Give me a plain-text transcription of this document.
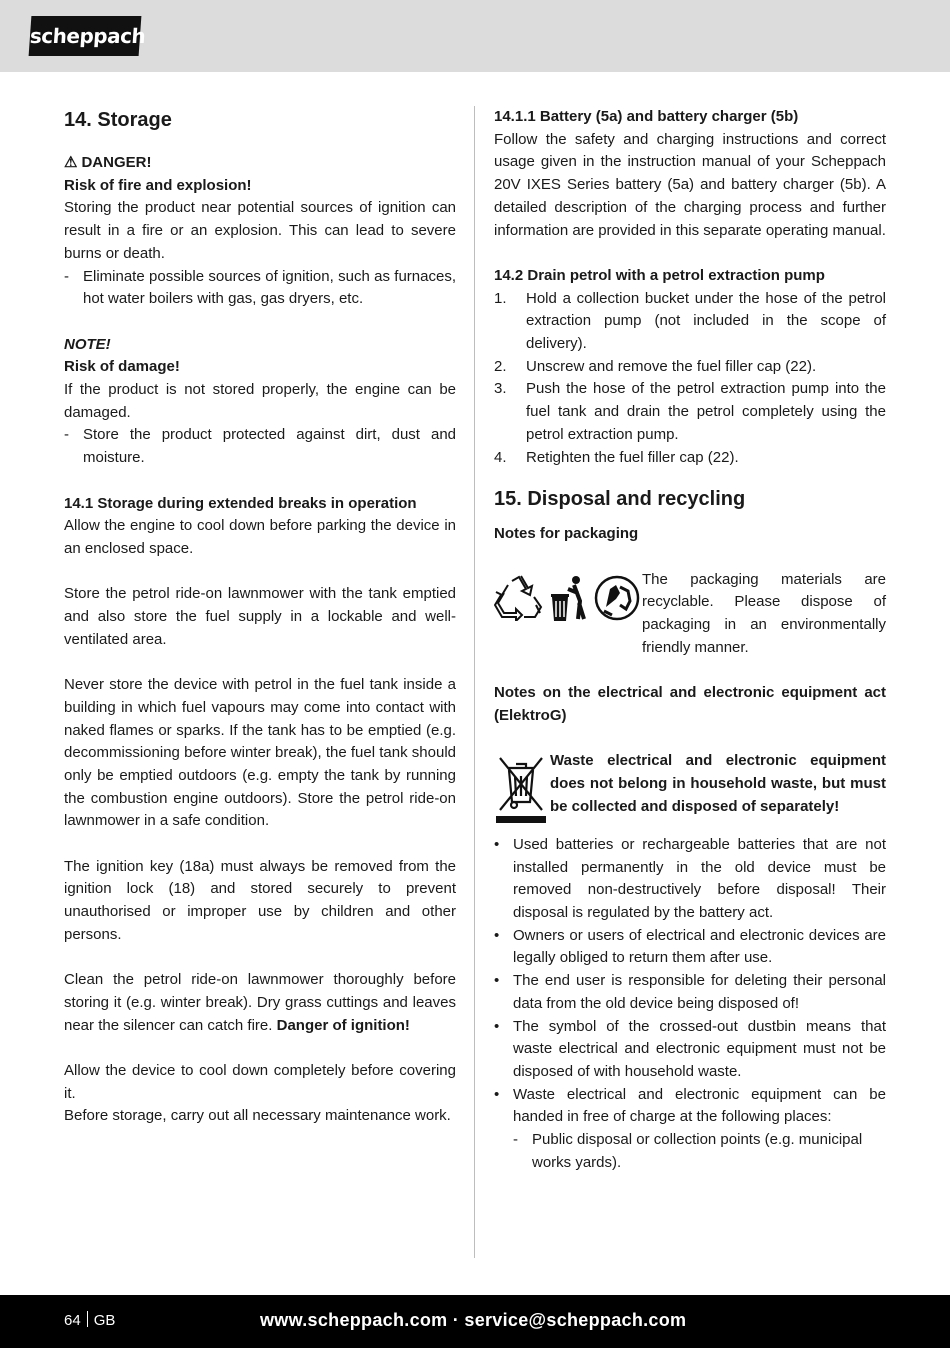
scheppach
14. Storage

⚠ DANGER!

Risk of fire and explosion!

Storing the product near potential sources of ignition can result in a fire or an explosion. This can lead to severe burns or death.

- Eliminate possible sources of ignition, such as furnaces, hot water boilers with gas, gas dryers, etc.

NOTE!

Risk of damage!

If the product is not stored properly, the engine can be damaged.

- Store the product protected against dirt, dust and moisture.
14.1 Storage during extended breaks in operation

Allow the engine to cool down before parking the device in an enclosed space.

Store the petrol ride-on lawnmower with the tank emptied and also store the fuel supply in a lockable and well-ventilated area.

Never store the device with petrol in the fuel tank inside a building in which fuel vapours may come into contact with naked flames or sparks. If the tank has to be emptied (e.g. decommissioning before winter break), the fuel tank should only be emptied outdoors (e.g. empty the tank by running the combustion engine outdoors). Store the petrol ride-on lawnmower in a safe condition.

The ignition key (18a) must always be removed from the ignition lock (18) and stored securely to prevent unauthorised or improper use by children and other persons.

Clean the petrol ride-on lawnmower thoroughly before storing it (e.g. winter break). Dry grass cuttings and leaves near the silencer can catch fire. Danger of ignition!

Allow the device to cool down completely before covering it.

Before storage, carry out all necessary maintenance work.

14.1.1 Battery (5a) and battery charger (5b)

Follow the safety and charging instructions and correct usage given in the instruction manual of your Scheppach 20V IXES Series battery (5a) and battery charger (5b). A detailed description of the charging process and further information are provided in this separate operating manual.

14.2 Drain petrol with a petrol extraction pump
1.	Hold a collection bucket under the hose of the petrol extraction pump (not included in the scope of delivery).
2.	Unscrew and remove the fuel filler cap (22).
3.	Push the hose of the petrol extraction pump into the fuel tank and drain the petrol completely using the petrol extraction pump.
4.	Retighten the fuel filler cap (22).
15. Disposal and recycling
Notes for packaging

The packaging materials are recyclable. Please dispose of packaging in an environmentally friendly manner.

Notes on the electrical and electronic equipment act (ElektroG)

Waste electrical and electronic equipment does not belong in household waste, but must be collected and disposed of separately!

• Used batteries or rechargeable batteries that are not installed permanently in the old device must be removed non-destructively before disposal! Their disposal is regulated by the battery act.
• Owners or users of electrical and electronic devices are legally obliged to return them after use.
• The end user is responsible for deleting their personal data from the old device being disposed of!
• The symbol of the crossed-out dustbin means that waste electrical and electronic equipment must not be disposed of with household waste.
• Waste electrical and electronic equipment can be handed in free of charge at the following places:
- Public disposal or collection points (e.g. municipal works yards).
64 GB	www.scheppach.com · service@scheppach.com
